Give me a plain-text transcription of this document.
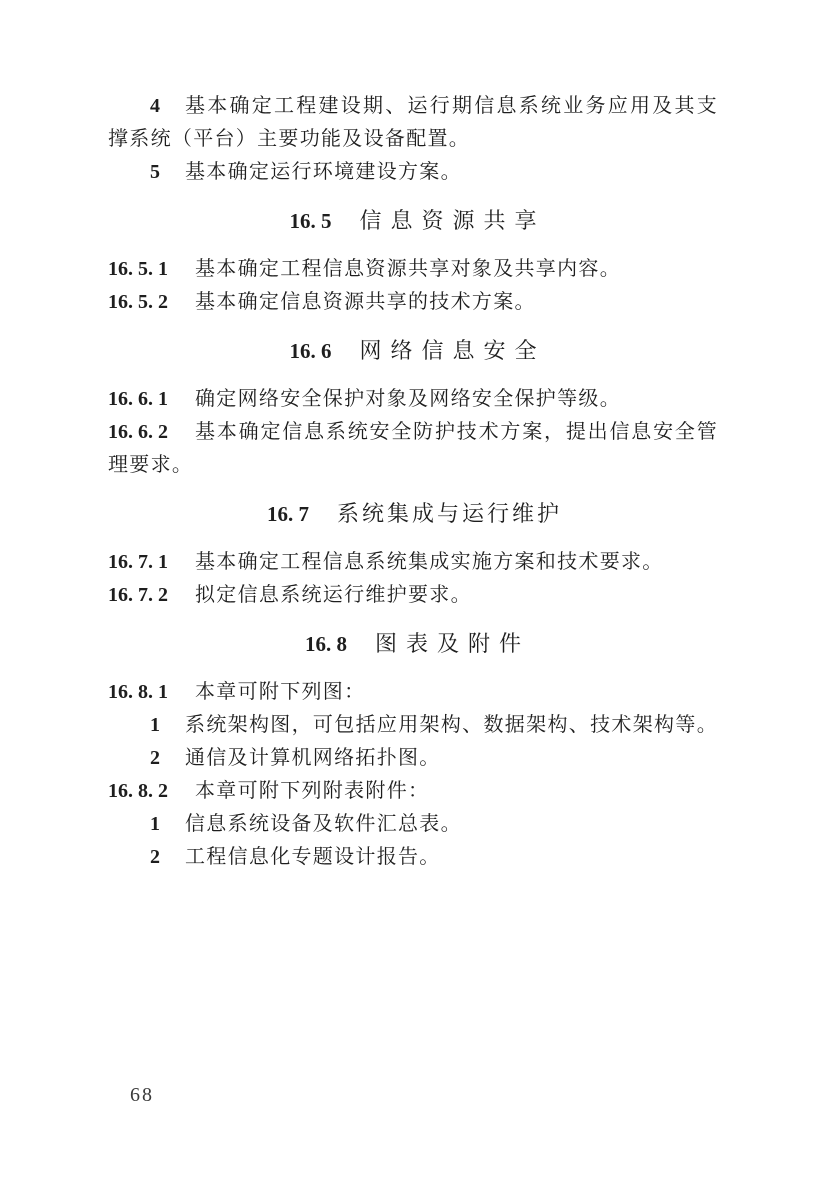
4 基本确定工程建设期、运行期信息系统业务应用及其支
撑系统（平台）主要功能及设备配置。
5 基本确定运行环境建设方案。
16. 5 信息资源共享
16. 5. 1 基本确定工程信息资源共享对象及共享内容。
16. 5. 2 基本确定信息资源共享的技术方案。
16. 6 网络信息安全
16. 6. 1 确定网络安全保护对象及网络安全保护等级。
16. 6. 2 基本确定信息系统安全防护技术方案，提出信息安全管
理要求。
16. 7 系统集成与运行维护
16. 7. 1 基本确定工程信息系统集成实施方案和技术要求。
16. 7. 2 拟定信息系统运行维护要求。
16. 8 图表及附件
16. 8. 1 本章可附下列图：
1 系统架构图，可包括应用架构、数据架构、技术架构等。
2 通信及计算机网络拓扑图。
16. 8. 2 本章可附下列附表附件：
1 信息系统设备及软件汇总表。
2 工程信息化专题设计报告。
68
